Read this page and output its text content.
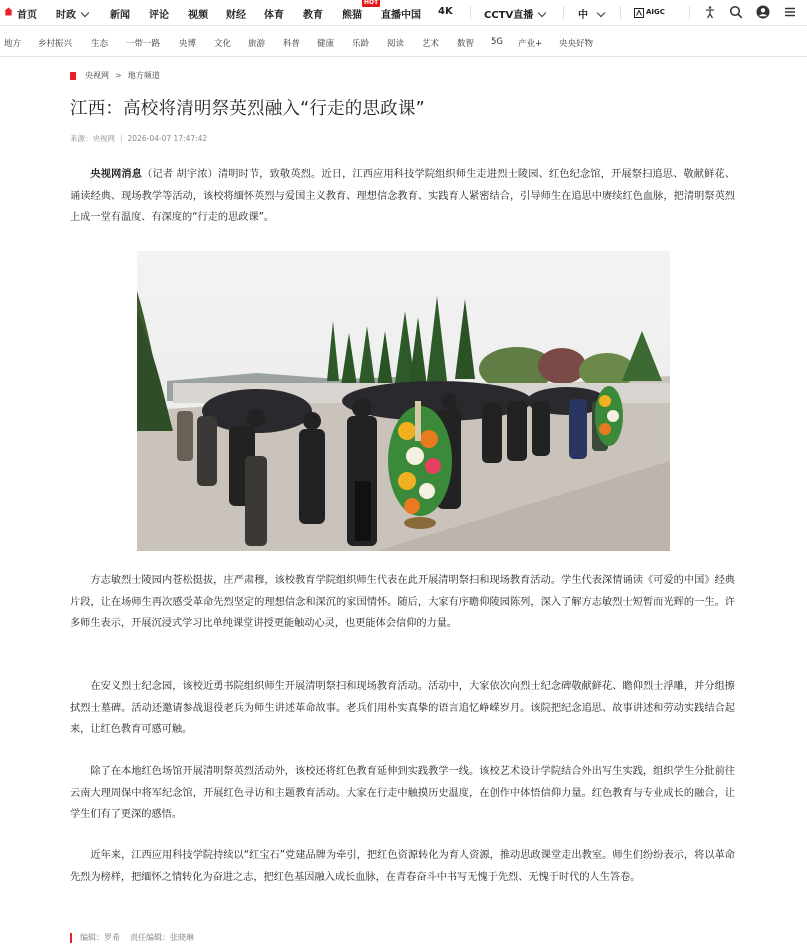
首页 时政	新闻 评论 视频 财经 体育 教育 熊猫
HOT
直播中国 4K	CCTV直播	中	AIGC
地方 乡村振兴 生态 一带一路 央博 文化 旅游 科普 健康 乐龄 阅读 艺术 数智 5G 产业+ 央央好物
央视网 > 地方频道
江西：高校将清明祭英烈融入“行走的思政课”
来源：央视网 | 2026-04-07 17:47:42

央视网消息（记者 胡宇浓）清明时节，致敬英烈。近日，江西应用科技学院组织师生走进烈士陵园、红色纪念馆，开展祭扫追思、敬献鲜花、诵读经典、现场教学等活动，该校将缅怀英烈与爱国主义教育、理想信念教育、实践育人紧密结合，引导师生在追思中赓续红色血脉，把清明祭英烈上成一堂有温度、有深度的“行走的思政课”。

方志敏烈士陵园内苍松挺拔，庄严肃穆，该校教育学院组织师生代表在此开展清明祭扫和现场教育活动。学生代表深情诵读《可爱的中国》经典片段，让在场师生再次感受革命先烈坚定的理想信念和深沉的家国情怀。随后，大家有序瞻仰陵园陈列，深入了解方志敏烈士短暂而光辉的一生。许多师生表示，开展沉浸式学习比单纯课堂讲授更能触动心灵，也更能体会信仰的力量。

在安义烈士纪念园，该校近勇书院组织师生开展清明祭扫和现场教育活动。活动中，大家依次向烈士纪念碑敬献鲜花、瞻仰烈士浮雕，并分组擦拭烈士墓碑。活动还邀请参战退役老兵为师生讲述革命故事。老兵们用朴实真挚的语言追忆峥嵘岁月。该院把纪念追思、故事讲述和劳动实践结合起来，让红色教育可感可触。

除了在本地红色场馆开展清明祭英烈活动外，该校还将红色教育延伸到实践教学一线。该校艺术设计学院结合外出写生实践，组织学生分批前往云南大理周保中将军纪念馆，开展红色寻访和主题教育活动。大家在行走中触摸历史温度，在创作中体悟信仰力量。红色教育与专业成长的融合，让学生们有了更深的感悟。

近年来，江西应用科技学院持续以“红宝石”党建品牌为牵引，把红色资源转化为育人资源，推动思政课堂走出教室。师生们纷纷表示，将以革命先烈为榜样，把缅怀之情转化为奋进之志，把红色基因融入成长血脉，在青春奋斗中书写无愧于先烈、无愧于时代的人生答卷。

编辑：罗希 责任编辑：张晓琳
